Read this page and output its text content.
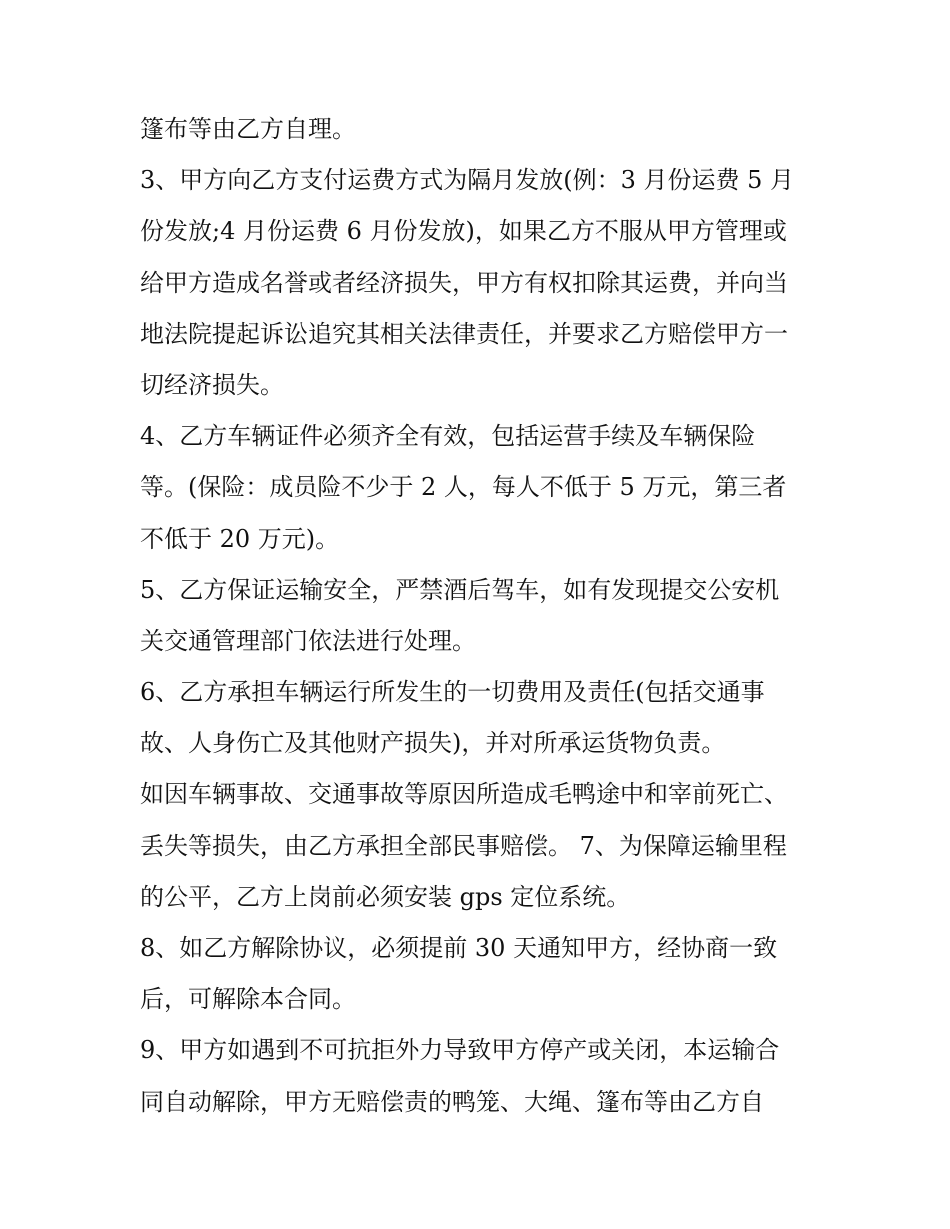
篷布等由乙方自理。
3、甲方向乙方支付运费方式为隔月发放(例：3 月份运费 5 月
份发放;4 月份运费 6 月份发放)，如果乙方不服从甲方管理或
给甲方造成名誉或者经济损失，甲方有权扣除其运费，并向当
地法院提起诉讼追究其相关法律责任，并要求乙方赔偿甲方一
切经济损失。
4、乙方车辆证件必须齐全有效，包括运营手续及车辆保险
等。(保险：成员险不少于 2 人，每人不低于 5 万元，第三者
不低于 20 万元)。
5、乙方保证运输安全，严禁酒后驾车，如有发现提交公安机
关交通管理部门依法进行处理。
6、乙方承担车辆运行所发生的一切费用及责任(包括交通事
故、人身伤亡及其他财产损失)，并对所承运货物负责。
如因车辆事故、交通事故等原因所造成毛鸭途中和宰前死亡、
丢失等损失，由乙方承担全部民事赔偿。 7、为保障运输里程
的公平，乙方上岗前必须安装 gps 定位系统。
8、如乙方解除协议，必须提前 30 天通知甲方，经协商一致
后，可解除本合同。
9、甲方如遇到不可抗拒外力导致甲方停产或关闭，本运输合
同自动解除，甲方无赔偿责的鸭笼、大绳、篷布等由乙方自
